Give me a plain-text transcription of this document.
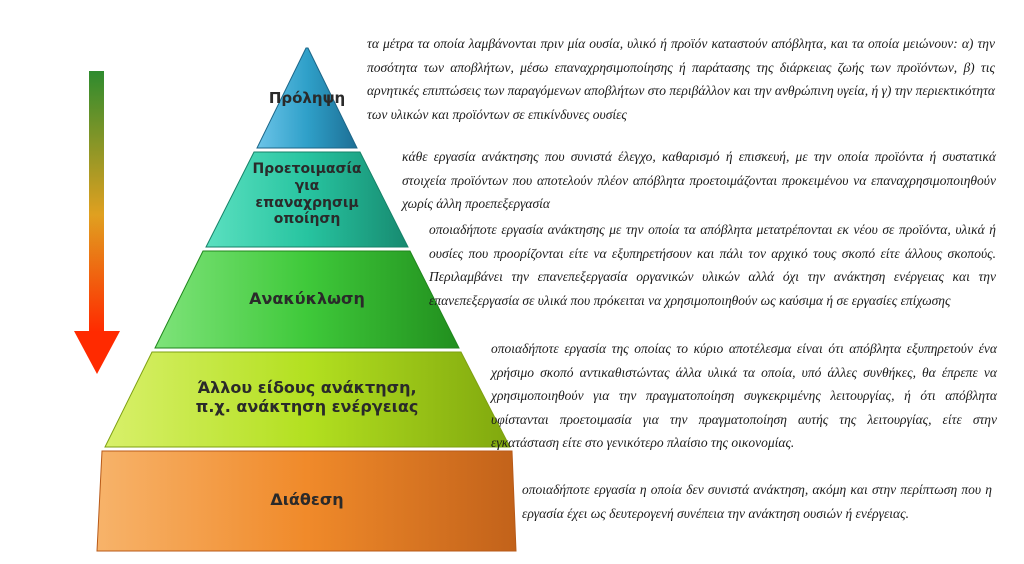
Πρόληψη
Προετοιμασία
για
επαναχρησιμ
οποίηση
Ανακύκλωση
Άλλου είδους ανάκτηση,
π.χ. ανάκτηση ενέργειας
Διάθεση
τα μέτρα τα οποία λαμβάνονται πριν μία ουσία, υλικό ή προϊόν καταστούν απόβλητα, και τα οποία μειώνουν: α) την ποσότητα των αποβλήτων, μέσω επαναχρησιμοποίησης ή παράτασης της διάρκειας ζωής των προϊόντων, β) τις αρνητικές επιπτώσεις των παραγόμενων αποβλήτων στο περιβάλλον και την ανθρώπινη υγεία, ή γ) την περιεκτικότητα των υλικών και προϊόντων σε επικίνδυνες ουσίες
κάθε εργασία ανάκτησης που συνιστά έλεγχο, καθαρισμό ή επισκευή, με την οποία προϊόντα ή συστατικά στοιχεία προϊόντων που αποτελούν πλέον απόβλητα προετοιμάζονται προκειμένου να επαναχρησιμοποιηθούν χωρίς άλλη προεπεξεργασία
οποιαδήποτε εργασία ανάκτησης με την οποία τα απόβλητα μετατρέπονται εκ νέου σε προϊόντα, υλικά ή ουσίες που προορίζονται είτε να εξυπηρετήσουν και πάλι τον αρχικό τους σκοπό είτε άλλους σκοπούς. Περιλαμβάνει την επανεπεξεργασία οργανικών υλικών αλλά όχι την ανάκτηση ενέργειας και την επανεπεξεργασία σε υλικά που πρόκειται να χρησιμοποιηθούν ως καύσιμα ή σε εργασίες επίχωσης
οποιαδήποτε εργασία της οποίας το κύριο αποτέλεσμα είναι ότι απόβλητα εξυπηρετούν ένα χρήσιμο σκοπό αντικαθιστώντας άλλα υλικά τα οποία, υπό άλλες συνθήκες, θα έπρεπε να χρησιμοποιηθούν για την πραγματοποίηση συγκεκριμένης λειτουργίας, ή ότι απόβλητα υφίστανται προετοιμασία για την πραγματοποίηση αυτής της λειτουργίας, είτε στην εγκατάσταση είτε στο γενικότερο πλαίσιο της οικονομίας.
οποιαδήποτε εργασία η οποία δεν συνιστά ανάκτηση, ακόμη και στην περίπτωση που η εργασία έχει ως δευτερογενή συνέπεια την ανάκτηση ουσιών ή ενέργειας.
